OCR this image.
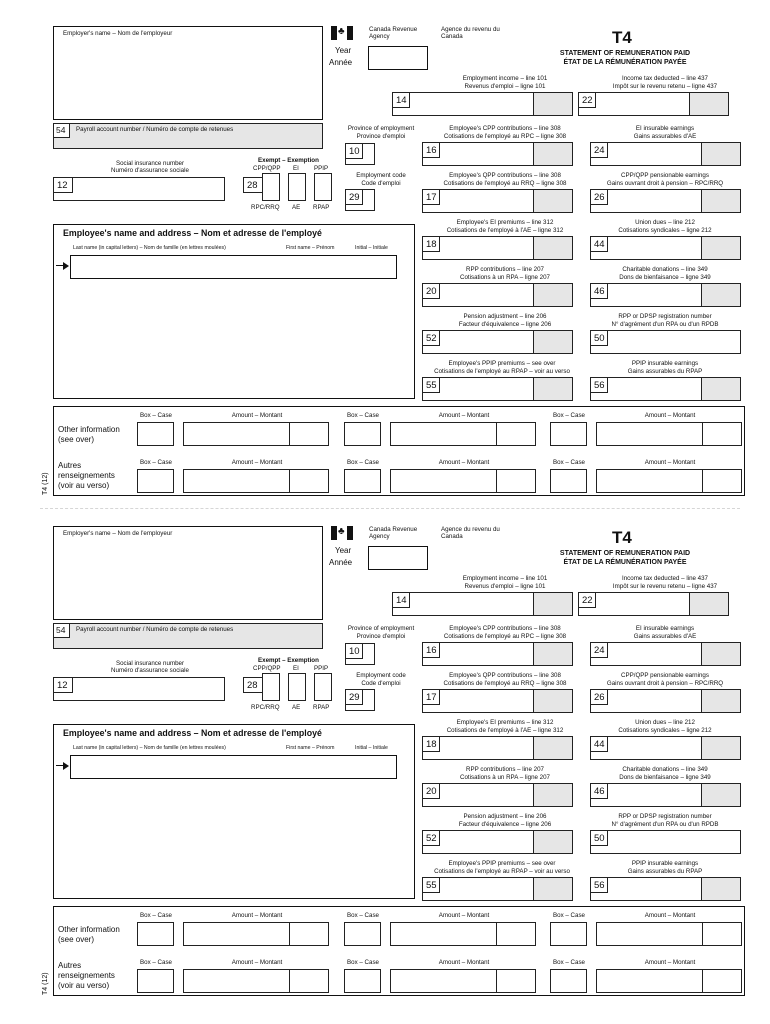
Employer's name – Nom de l'employeur	♣
Year
Année
Canada Revenue Agency
Agence du revenu du Canada	T4
STATEMENT OF REMUNERATION PAID
ÉTAT DE LA RÉMUNÉRATION PAYÉE
54	Payroll account number / Numéro de compte de retenues
Social insurance number
Numéro d'assurance sociale
12
Exempt – Exemption
CPP/QPP EI PPIP
28
RPC/RRQ AE RPAP
Province of employment
Province d'emploi
10
Employment code
Code d'emploi
29
Employee's name and address – Nom et adresse de l'employé
Last name (in capital letters) – Nom de famille (en lettres moulées)	First name – Prénom	Initial – Initiale
Employment income – line 101
Revenus d'emploi – ligne 101
14
Income tax deducted – line 437
Impôt sur le revenu retenu – ligne 437
22
Employee's CPP contributions – line 308
Cotisations de l'employé au RPC – ligne 308
16
EI insurable earnings
Gains assurables d'AE
24
Employee's QPP contributions – line 308
Cotisations de l'employé au RRQ – ligne 308
17
CPP/QPP pensionable earnings
Gains ouvrant droit à pension – RPC/RRQ
26
Employee's EI premiums – line 312
Cotisations de l'employé à l'AE – ligne 312
18
Union dues – line 212
Cotisations syndicales – ligne 212
44
RPP contributions – line 207
Cotisations à un RPA – ligne 207
20
Charitable donations – line 349
Dons de bienfaisance – ligne 349
46
Pension adjustment – line 206
Facteur d'équivalence – ligne 206
52
RPP or DPSP registration number
N° d'agrément d'un RPA ou d'un RPDB
50
Employee's PPIP premiums – see over
Cotisations de l'employé au RPAP – voir au verso
55
PPIP insurable earnings
Gains assurables du RPAP
56
Other information
(see over)
Autres
renseignements
(voir au verso)
T4 (12)
Box – Case	Amount – Montant	Box – Case	Amount – Montant	Box – Case	Amount – Montant
Box – Case	Amount – Montant	Box – Case	Amount – Montant	Box – Case	Amount – Montant
Employer's name – Nom de l'employeur	♣
Year
Année
Canada Revenue Agency
Agence du revenu du Canada	T4
STATEMENT OF REMUNERATION PAID
ÉTAT DE LA RÉMUNÉRATION PAYÉE
54	Payroll account number / Numéro de compte de retenues
Social insurance number
Numéro d'assurance sociale
12
Exempt – Exemption
CPP/QPP EI PPIP
28
RPC/RRQ AE RPAP
Province of employment
Province d'emploi
10
Employment code
Code d'emploi
29
Employee's name and address – Nom et adresse de l'employé
Last name (in capital letters) – Nom de famille (en lettres moulées)	First name – Prénom	Initial – Initiale
Employment income – line 101
Revenus d'emploi – ligne 101
14
Income tax deducted – line 437
Impôt sur le revenu retenu – ligne 437
22
Employee's CPP contributions – line 308
Cotisations de l'employé au RPC – ligne 308
16
EI insurable earnings
Gains assurables d'AE
24
Employee's QPP contributions – line 308
Cotisations de l'employé au RRQ – ligne 308
17
CPP/QPP pensionable earnings
Gains ouvrant droit à pension – RPC/RRQ
26
Employee's EI premiums – line 312
Cotisations de l'employé à l'AE – ligne 312
18
Union dues – line 212
Cotisations syndicales – ligne 212
44
RPP contributions – line 207
Cotisations à un RPA – ligne 207
20
Charitable donations – line 349
Dons de bienfaisance – ligne 349
46
Pension adjustment – line 206
Facteur d'équivalence – ligne 206
52
RPP or DPSP registration number
N° d'agrément d'un RPA ou d'un RPDB
50
Employee's PPIP premiums – see over
Cotisations de l'employé au RPAP – voir au verso
55
PPIP insurable earnings
Gains assurables du RPAP
56
Other information
(see over)
Autres
renseignements
(voir au verso)
T4 (12)
Box – Case	Amount – Montant	Box – Case	Amount – Montant	Box – Case	Amount – Montant
Box – Case	Amount – Montant	Box – Case	Amount – Montant	Box – Case	Amount – Montant
